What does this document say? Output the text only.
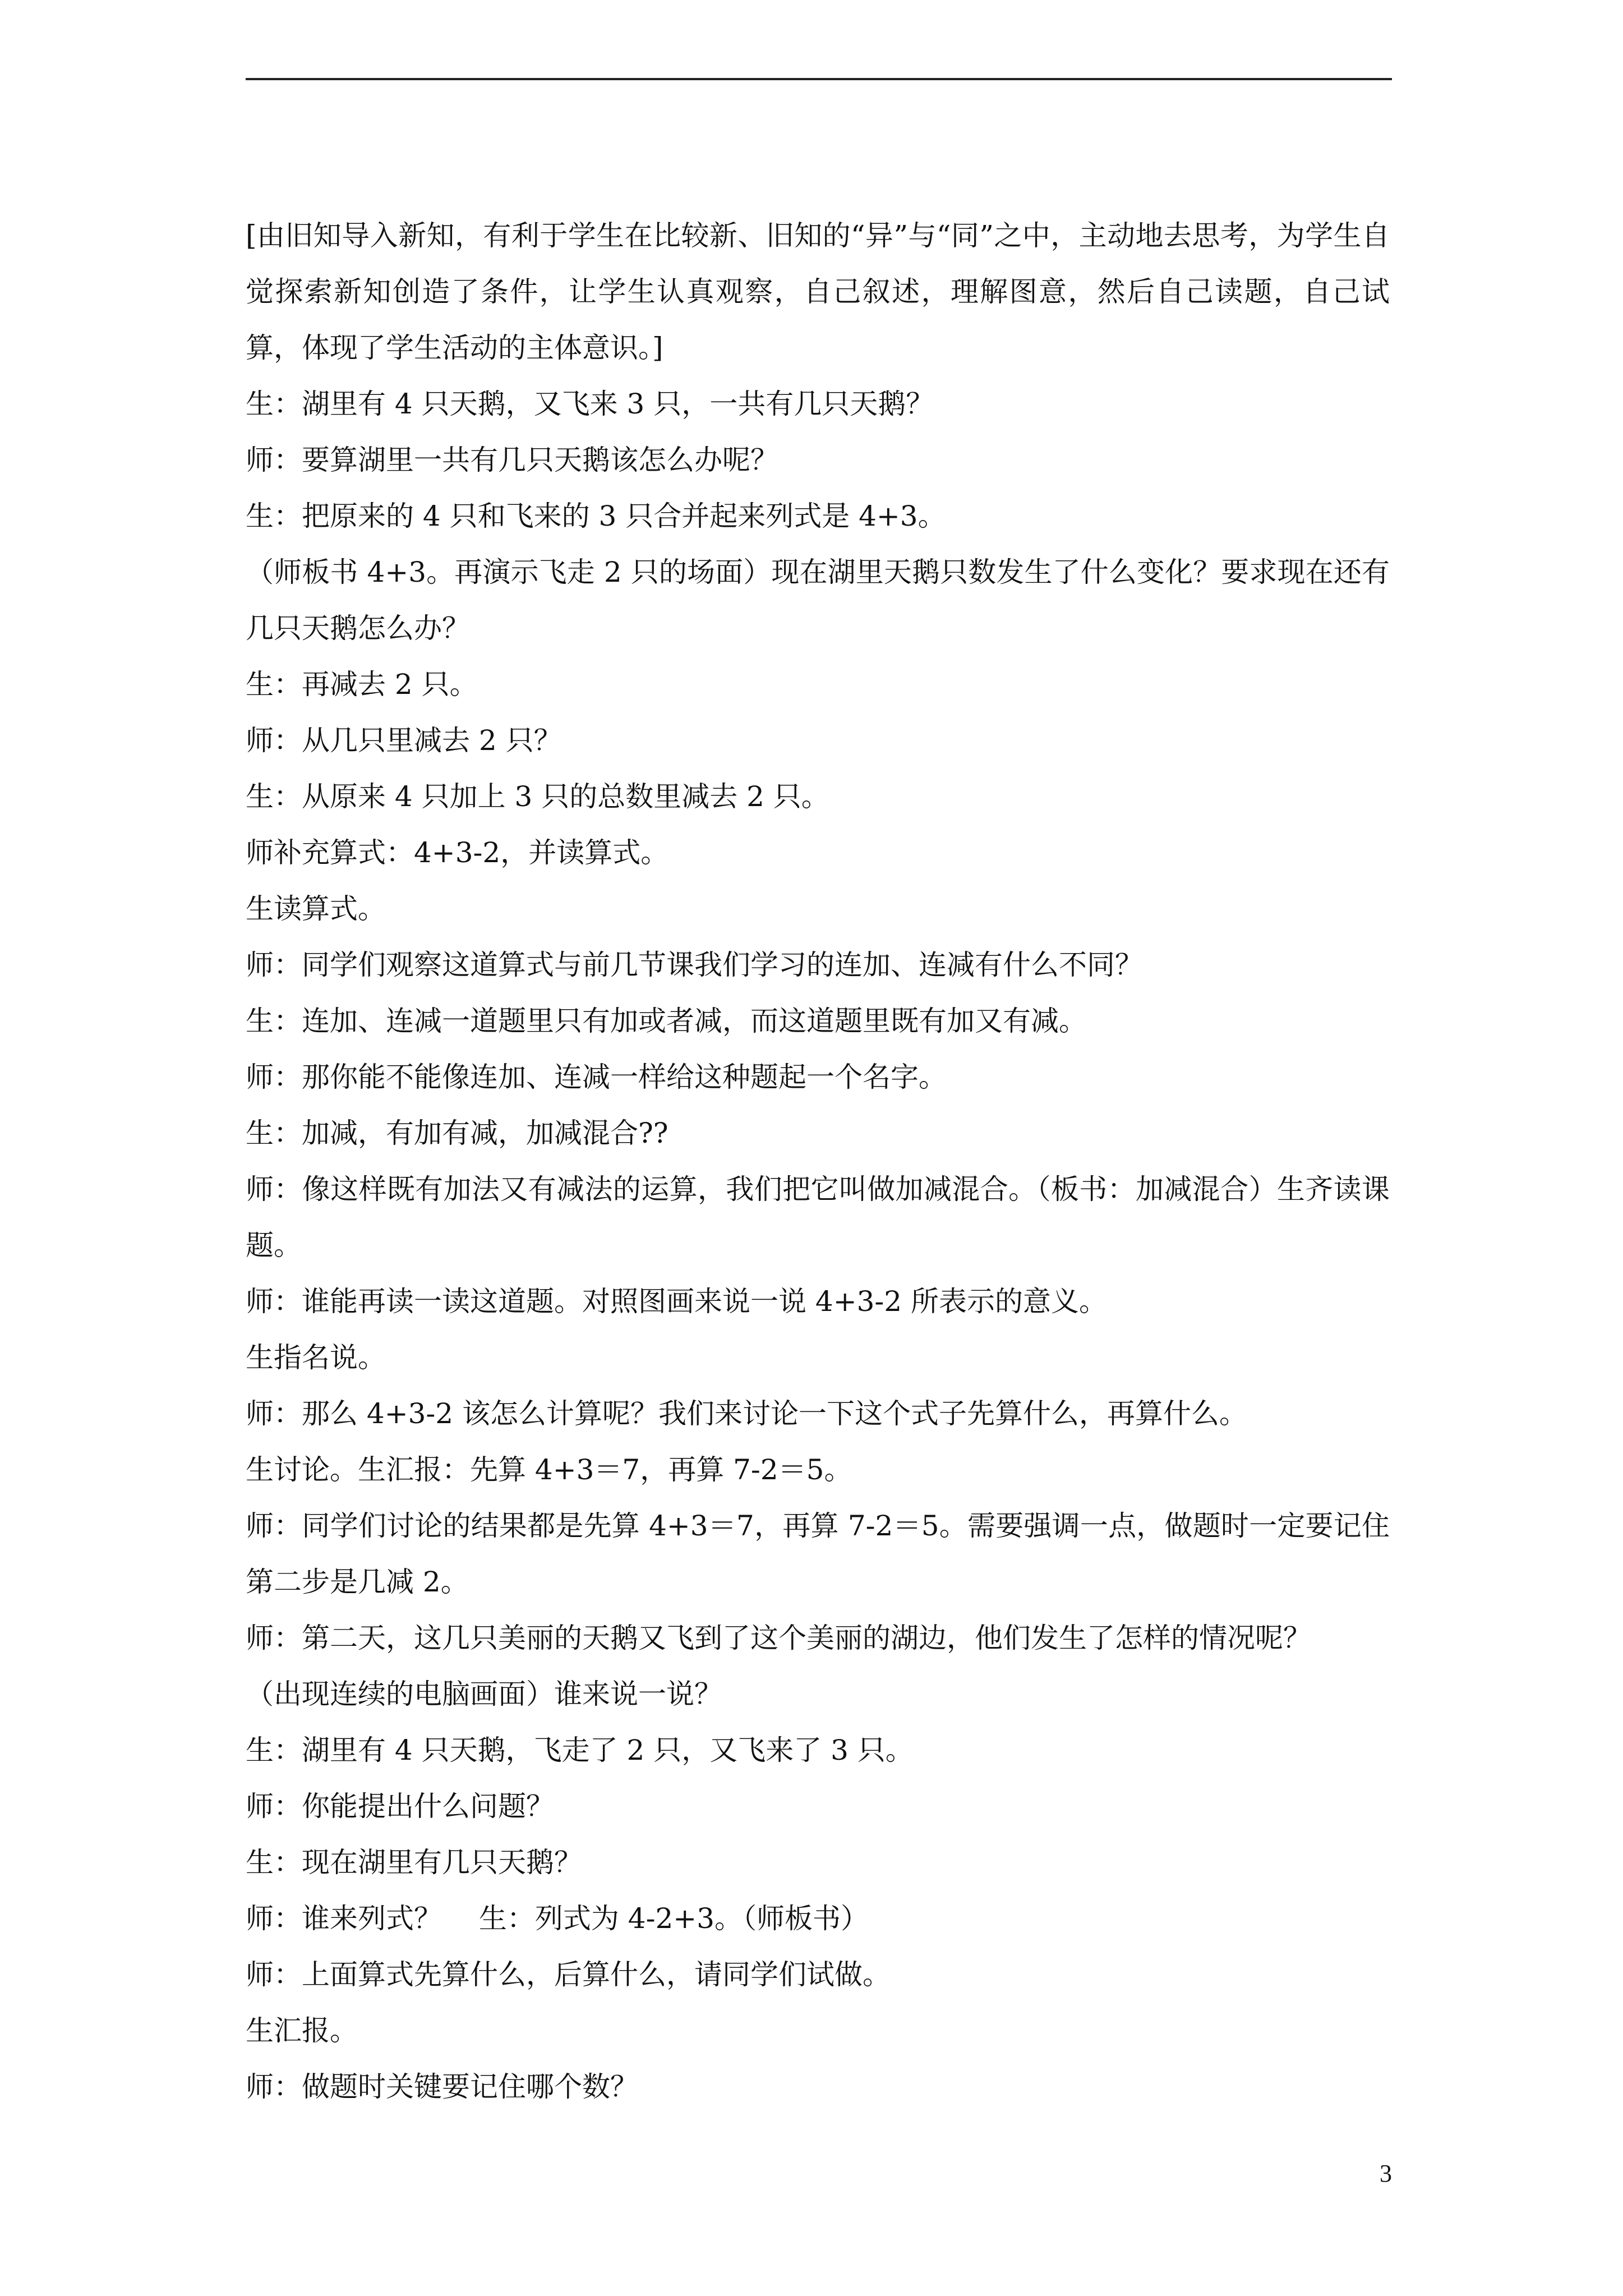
[由旧知导入新知，有利于学生在比较新、旧知的“异”与“同”之中，主动地去思考，为学生自觉探索新知创造了条件，让学生认真观察，自己叙述，理解图意，然后自己读题，自己试算，体现了学生活动的主体意识。]

生：湖里有 4 只天鹅，又飞来 3 只，一共有几只天鹅？

师：要算湖里一共有几只天鹅该怎么办呢？

生：把原来的 4 只和飞来的 3 只合并起来列式是 4+3。

（师板书 4+3。再演示飞走 2 只的场面）现在湖里天鹅只数发生了什么变化？要求现在还有几只天鹅怎么办？

生：再减去 2 只。

师：从几只里减去 2 只？

生：从原来 4 只加上 3 只的总数里减去 2 只。

师补充算式：4+3-2，并读算式。

生读算式。

师：同学们观察这道算式与前几节课我们学习的连加、连减有什么不同？

生：连加、连减一道题里只有加或者减，而这道题里既有加又有减。

师：那你能不能像连加、连减一样给这种题起一个名字。

生：加减，有加有减，加减混合??

师：像这样既有加法又有减法的运算，我们把它叫做加减混合。（板书：加减混合）生齐读课题。

师：谁能再读一读这道题。对照图画来说一说 4+3-2 所表示的意义。

生指名说。

师：那么 4+3-2 该怎么计算呢？我们来讨论一下这个式子先算什么，再算什么。

生讨论。生汇报：先算 4+3＝7，再算 7-2＝5。

师：同学们讨论的结果都是先算 4+3＝7，再算 7-2＝5。需要强调一点，做题时一定要记住第二步是几减 2。

师：第二天，这几只美丽的天鹅又飞到了这个美丽的湖边，他们发生了怎样的情况呢？

（出现连续的电脑画面）谁来说一说？

生：湖里有 4 只天鹅，飞走了 2 只，又飞来了 3 只。

师：你能提出什么问题？

生：现在湖里有几只天鹅？

师：谁来列式？　 生：列式为 4-2+3。（师板书）

师：上面算式先算什么，后算什么，请同学们试做。

生汇报。

师：做题时关键要记住哪个数？

3
